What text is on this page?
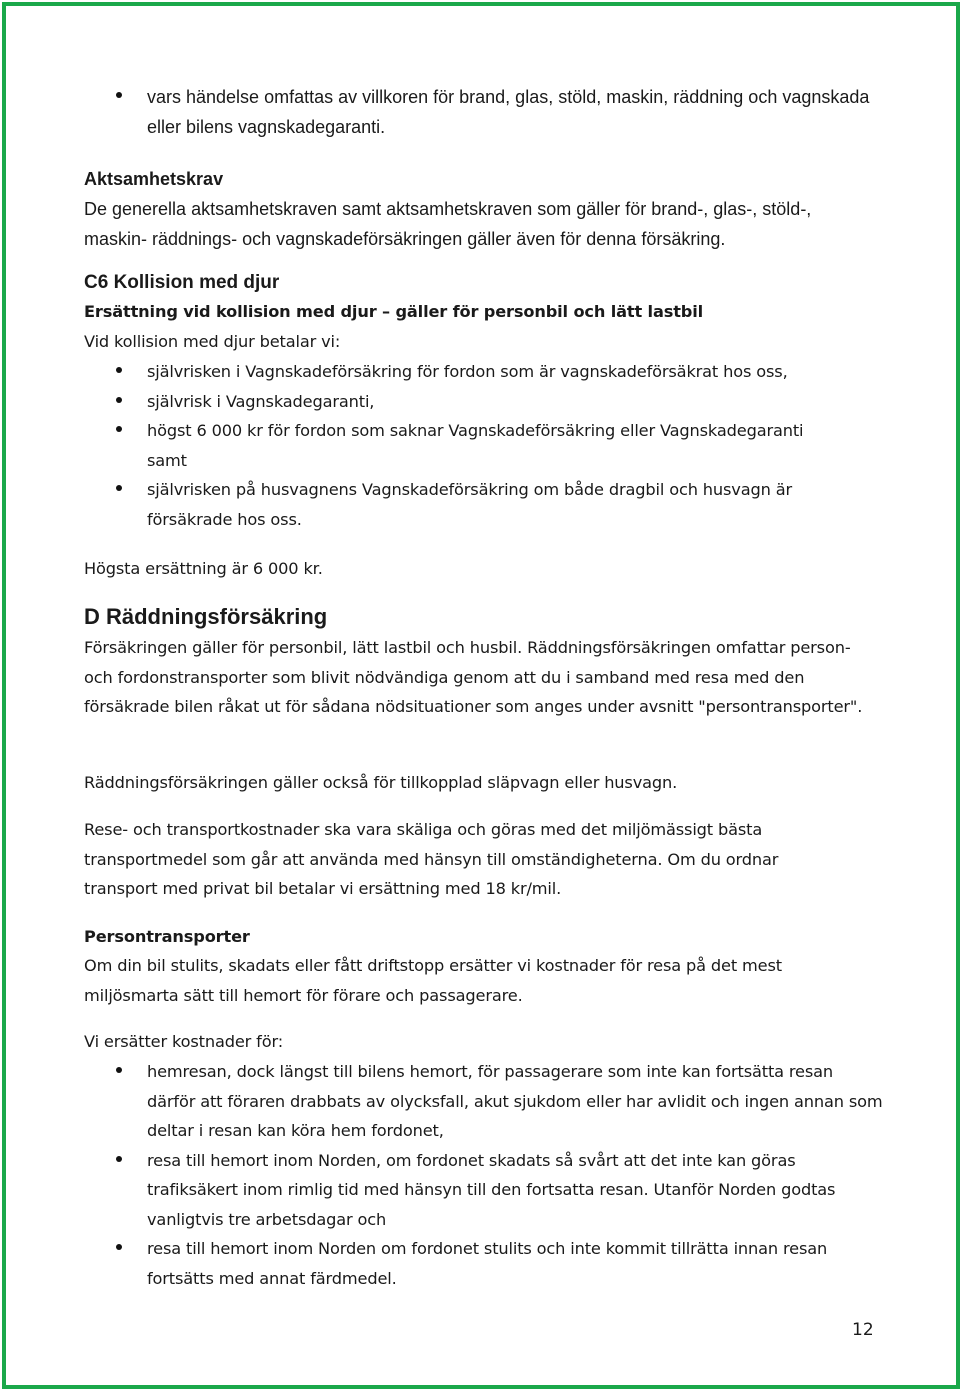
vars händelse omfattas av villkoren för brand, glas, stöld, maskin, räddning och vagnskada eller bilens vagnskadegaranti.
Aktsamhetskrav

De generella aktsamhetskraven samt aktsamhetskraven som gäller för brand-, glas-, stöld-, maskin- räddnings- och vagnskadeförsäkringen gäller även för denna försäkring.

C6 Kollision med djur
Ersättning vid kollision med djur – gäller för personbil och lätt lastbil

Vid kollision med djur betalar vi:

självrisken i Vagnskadeförsäkring för fordon som är vagnskadeförsäkrat hos oss,
självrisk i Vagnskadegaranti,
högst 6 000 kr för fordon som saknar Vagnskadeförsäkring eller Vagnskadegaranti samt
självrisken på husvagnens Vagnskadeförsäkring om både dragbil och husvagn är försäkrade hos oss.

Högsta ersättning är 6 000 kr.

D Räddningsförsäkring

Försäkringen gäller för personbil, lätt lastbil och husbil. Räddningsförsäkringen omfattar person- och fordonstransporter som blivit nödvändiga genom att du i samband med resa med den försäkrade bilen råkat ut för sådana nödsituationer som anges under avsnitt "persontransporter".

Räddningsförsäkringen gäller också för tillkopplad släpvagn eller husvagn.

Rese- och transportkostnader ska vara skäliga och göras med det miljömässigt bästa transportmedel som går att använda med hänsyn till omständigheterna. Om du ordnar transport med privat bil betalar vi ersättning med 18 kr/mil.

Persontransporter

Om din bil stulits, skadats eller fått driftstopp ersätter vi kostnader för resa på det mest miljösmarta sätt till hemort för förare och passagerare.

Vi ersätter kostnader för:

hemresan, dock längst till bilens hemort, för passagerare som inte kan fortsätta resan därför att föraren drabbats av olycksfall, akut sjukdom eller har avlidit och ingen annan som deltar i resan kan köra hem fordonet,
resa till hemort inom Norden, om fordonet skadats så svårt att det inte kan göras trafiksäkert inom rimlig tid med hänsyn till den fortsatta resan. Utanför Norden godtas vanligtvis tre arbetsdagar och
resa till hemort inom Norden om fordonet stulits och inte kommit tillrätta innan resan fortsätts med annat färdmedel.
12
